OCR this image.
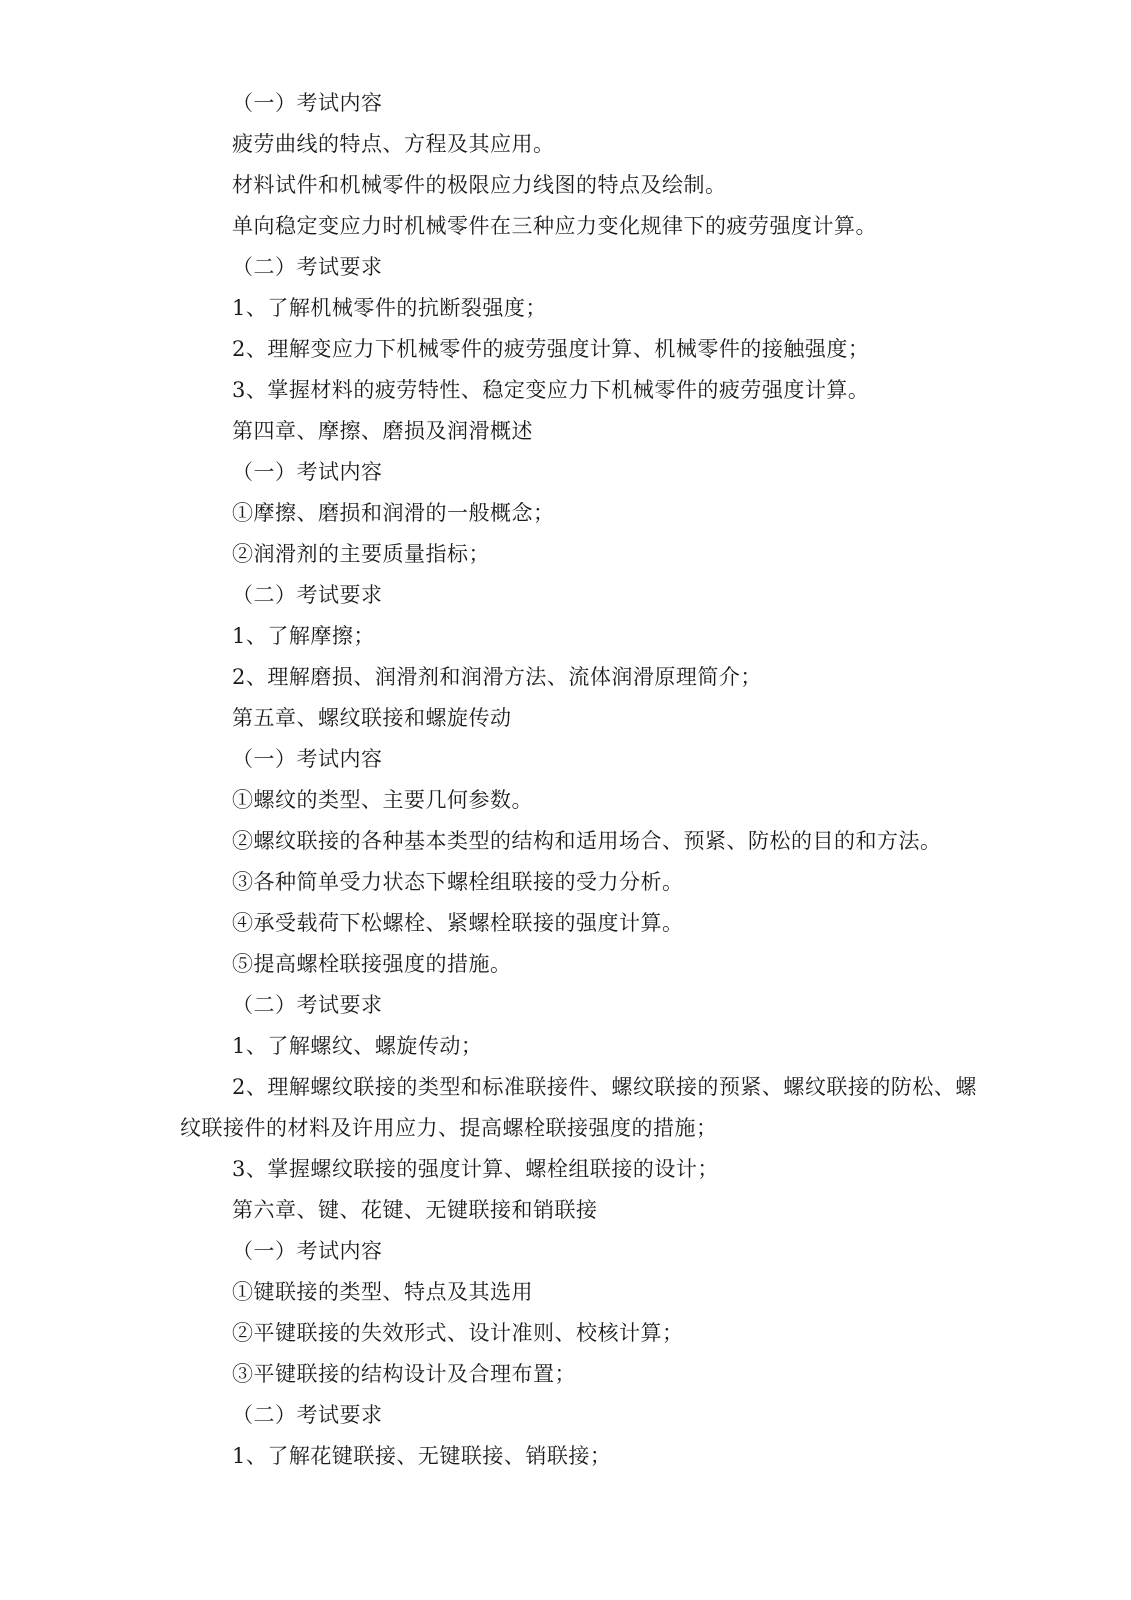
（一）考试内容
疲劳曲线的特点、方程及其应用。
材料试件和机械零件的极限应力线图的特点及绘制。
单向稳定变应力时机械零件在三种应力变化规律下的疲劳强度计算。
（二）考试要求
1、了解机械零件的抗断裂强度；
2、理解变应力下机械零件的疲劳强度计算、机械零件的接触强度；
3、掌握材料的疲劳特性、稳定变应力下机械零件的疲劳强度计算。
第四章、摩擦、磨损及润滑概述
（一）考试内容
①摩擦、磨损和润滑的一般概念；
②润滑剂的主要质量指标；
（二）考试要求
1、了解摩擦；
2、理解磨损、润滑剂和润滑方法、流体润滑原理简介；
第五章、螺纹联接和螺旋传动
（一）考试内容
①螺纹的类型、主要几何参数。
②螺纹联接的各种基本类型的结构和适用场合、预紧、防松的目的和方法。
③各种简单受力状态下螺栓组联接的受力分析。
④承受载荷下松螺栓、紧螺栓联接的强度计算。
⑤提高螺栓联接强度的措施。
（二）考试要求
1、了解螺纹、螺旋传动；
2、理解螺纹联接的类型和标准联接件、螺纹联接的预紧、螺纹联接的防松、螺
纹联接件的材料及许用应力、提高螺栓联接强度的措施；
3、掌握螺纹联接的强度计算、螺栓组联接的设计；
第六章、键、花键、无键联接和销联接
（一）考试内容
①键联接的类型、特点及其选用
②平键联接的失效形式、设计准则、校核计算；
③平键联接的结构设计及合理布置；
（二）考试要求
1、了解花键联接、无键联接、销联接；
